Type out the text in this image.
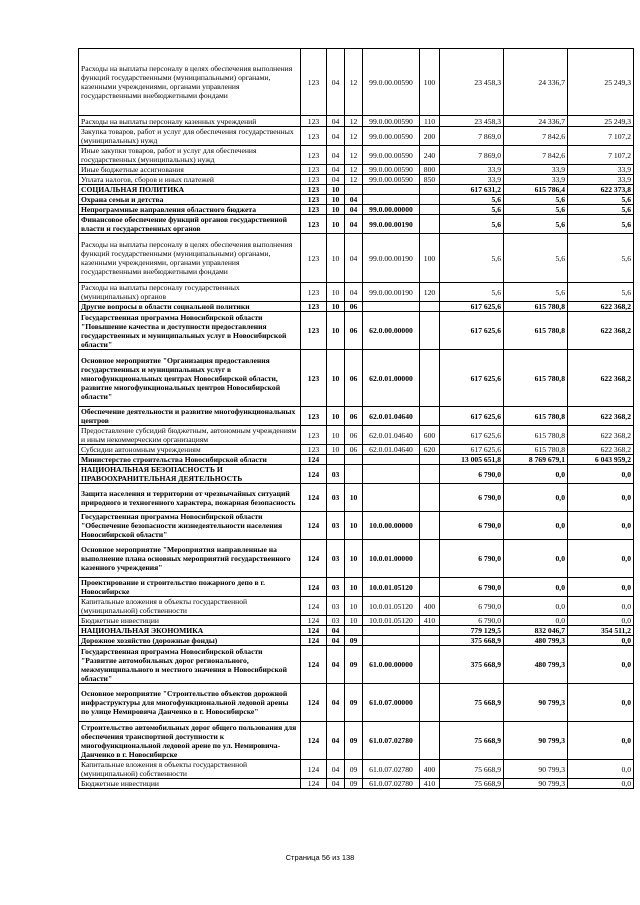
Расходы на выплаты персоналу в целях обеспечения выполнения функций государственными (муниципальными) органами, казенными учреждениями, органами управления государственными внебюджетными фондами	123	04	12	99.0.00.00590	100	23 458,3	24 336,7	25 249,3
Расходы на выплаты персоналу казенных учреждений	123	04	12	99.0.00.00590	110	23 458,3	24 336,7	25 249,3
Закупка товаров, работ и услуг для обеспечения государственных (муниципальных) нужд	123	04	12	99.0.00.00590	200	7 869,0	7 842,6	7 107,2
Иные закупки товаров, работ и услуг для обеспечения государственных (муниципальных) нужд	123	04	12	99.0.00.00590	240	7 869,0	7 842,6	7 107,2
Иные бюджетные ассигнования	123	04	12	99.0.00.00590	800	33,9	33,9	33,9
Уплата налогов, сборов и иных платежей	123	04	12	99.0.00.00590	850	33,9	33,9	33,9
СОЦИАЛЬНАЯ ПОЛИТИКА	123	10				617 631,2	615 786,4	622 373,8
Охрана семьи и детства	123	10	04			5,6	5,6	5,6
Непрограммные направления областного бюджета	123	10	04	99.0.00.00000		5,6	5,6	5,6
Финансовое обеспечение функций органов государственной власти и государственных органов	123	10	04	99.0.00.00190		5,6	5,6	5,6
Расходы на выплаты персоналу в целях обеспечения выполнения функций государственными (муниципальными) органами, казенными учреждениями, органами управления государственными внебюджетными фондами	123	10	04	99.0.00.00190	100	5,6	5,6	5,6
Расходы на выплаты персоналу государственных (муниципальных) органов	123	10	04	99.0.00.00190	120	5,6	5,6	5,6
Другие вопросы в области социальной политики	123	10	06			617 625,6	615 780,8	622 368,2
Государственная программа Новосибирской области "Повышение качества и доступности предоставления государственных и муниципальных услуг в Новосибирской области"	123	10	06	62.0.00.00000		617 625,6	615 780,8	622 368,2
Основное мероприятие "Организация предоставления государственных и муниципальных услуг в многофункциональных центрах Новосибирской области, развитие многофункциональных центров Новосибирской области"	123	10	06	62.0.01.00000		617 625,6	615 780,8	622 368,2
Обеспечение деятельности и развитие многофункциональных центров	123	10	06	62.0.01.04640		617 625,6	615 780,8	622 368,2
Предоставление субсидий бюджетным, автономным учреждениям и иным некоммерческим организациям	123	10	06	62.0.01.04640	600	617 625,6	615 780,8	622 368,2
Субсидии автономным учреждениям	123	10	06	62.0.01.04640	620	617 625,6	615 780,8	622 368,2
Министерство строительства Новосибирской области	124					13 005 651,8	8 769 679,1	6 043 959,2
НАЦИОНАЛЬНАЯ БЕЗОПАСНОСТЬ И ПРАВООХРАНИТЕЛЬНАЯ ДЕЯТЕЛЬНОСТЬ	124	03				6 790,0	0,0	0,0
Защита населения и территории от чрезвычайных ситуаций природного и техногенного характера, пожарная безопасность	124	03	10			6 790,0	0,0	0,0
Государственная программа Новосибирской области "Обеспечение безопасности жизнедеятельности населения Новосибирской области"	124	03	10	10.0.00.00000		6 790,0	0,0	0,0
Основное мероприятие "Мероприятия направленные на выполнение плана основных мероприятий государственного казенного учреждения"	124	03	10	10.0.01.00000		6 790,0	0,0	0,0
Проектирование и строительство пожарного депо в г. Новосибирске	124	03	10	10.0.01.05120		6 790,0	0,0	0,0
Капитальные вложения в объекты государственной (муниципальной) собственности	124	03	10	10.0.01.05120	400	6 790,0	0,0	0,0
Бюджетные инвестиции	124	03	10	10.0.01.05120	410	6 790,0	0,0	0,0
НАЦИОНАЛЬНАЯ ЭКОНОМИКА	124	04				779 129,5	832 046,7	354 511,2
Дорожное хозяйство (дорожные фонды)	124	04	09			375 668,9	480 799,3	0,0
Государственная программа Новосибирской области "Развитие автомобильных дорог регионального, межмуниципального и местного значения в Новосибирской области"	124	04	09	61.0.00.00000		375 668,9	480 799,3	0,0
Основное мероприятие "Строительство объектов дорожной инфраструктуры для многофункциональной ледовой арены по улице Немировича Данченко в г. Новосибирске"	124	04	09	61.0.07.00000		75 668,9	90 799,3	0,0
Строительство автомобильных дорог общего пользования для обеспечения транспортной доступности к многофункциональной ледовой арене по ул. Немировича-Данченко в г. Новосибирске	124	04	09	61.0.07.02780		75 668,9	90 799,3	0,0
Капитальные вложения в объекты государственной (муниципальной) собственности	124	04	09	61.0.07.02780	400	75 668,9	90 799,3	0,0
Бюджетные инвестиции	124	04	09	61.0.07.02780	410	75 668,9	90 799,3	0,0
Страница 56 из 138
